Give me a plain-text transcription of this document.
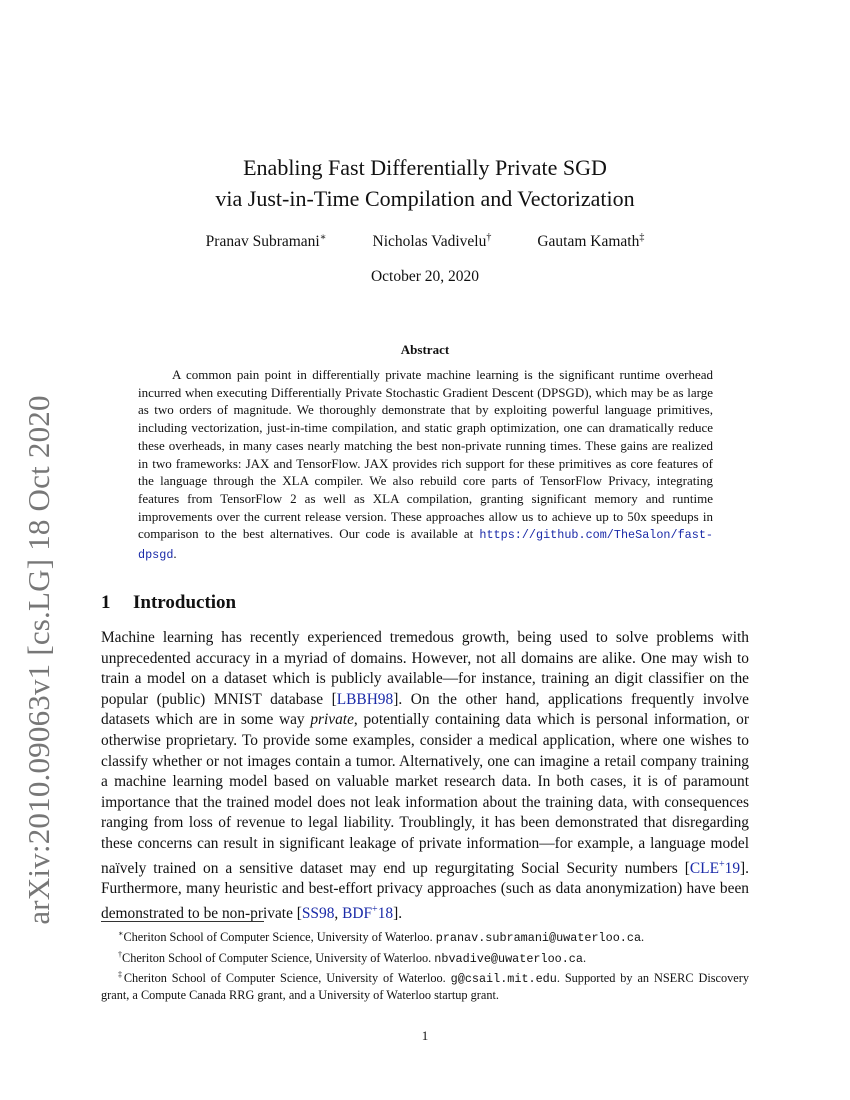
arXiv:2010.09063v1 [cs.LG] 18 Oct 2020
Enabling Fast Differentially Private SGD
via Just-in-Time Compilation and Vectorization
Pranav Subramani∗	Nicholas Vadivelu†	Gautam Kamath‡
October 20, 2020
Abstract

A common pain point in differentially private machine learning is the significant runtime overhead incurred when executing Differentially Private Stochastic Gradient Descent (DPSGD), which may be as large as two orders of magnitude. We thoroughly demonstrate that by exploiting powerful language primitives, including vectorization, just-in-time compilation, and static graph optimization, one can dramatically reduce these overheads, in many cases nearly matching the best non-private running times. These gains are realized in two frameworks: JAX and TensorFlow. JAX provides rich support for these primitives as core features of the language through the XLA compiler. We also rebuild core parts of TensorFlow Privacy, integrating features from TensorFlow 2 as well as XLA compilation, granting significant memory and runtime improvements over the current release version. These approaches allow us to achieve up to 50x speedups in comparison to the best alternatives. Our code is available at https://github.com/TheSalon/fast-dpsgd.

1 Introduction

Machine learning has recently experienced tremedous growth, being used to solve problems with unprecedented accuracy in a myriad of domains. However, not all domains are alike. One may wish to train a model on a dataset which is publicly available—for instance, training an digit classifier on the popular (public) MNIST database [LBBH98]. On the other hand, applications frequently involve datasets which are in some way private, potentially containing data which is personal information, or otherwise proprietary. To provide some examples, consider a medical application, where one wishes to classify whether or not images contain a tumor. Alternatively, one can imagine a retail company training a machine learning model based on valuable market research data. In both cases, it is of paramount importance that the trained model does not leak information about the training data, with consequences ranging from loss of revenue to legal liability. Troublingly, it has been demonstrated that disregarding these concerns can result in significant leakage of private information—for example, a language model naïvely trained on a sensitive dataset may end up regurgitating Social Security numbers [CLE+19]. Furthermore, many heuristic and best-effort privacy approaches (such as data anonymization) have been demonstrated to be non-private [SS98, BDF+18].

∗Cheriton School of Computer Science, University of Waterloo. pranav.subramani@uwaterloo.ca.

†Cheriton School of Computer Science, University of Waterloo. nbvadive@uwaterloo.ca.

‡Cheriton School of Computer Science, University of Waterloo. g@csail.mit.edu. Supported by an NSERC Discovery grant, a Compute Canada RRG grant, and a University of Waterloo startup grant.

1
